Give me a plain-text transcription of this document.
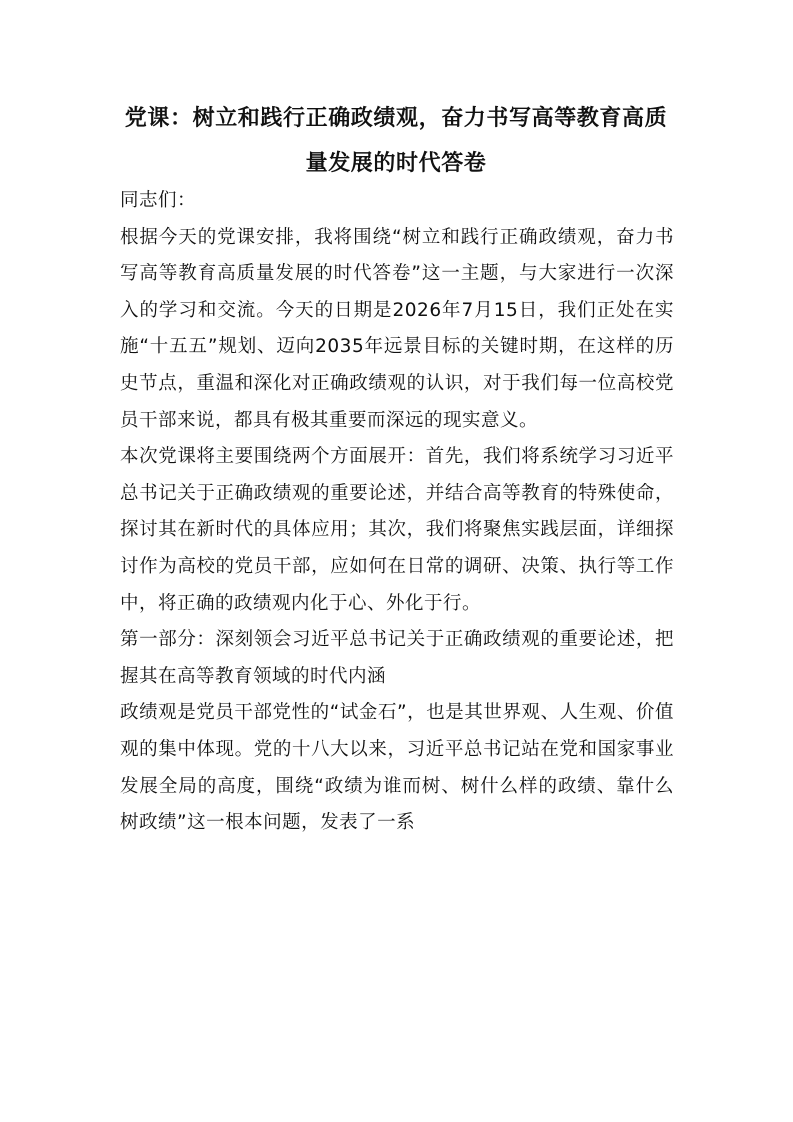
党课：树立和践行正确政绩观，奋力书写高等教育高质量发展的时代答卷

同志们：

根据今天的党课安排，我将围绕“树立和践行正确政绩观，奋力书写高等教育高质量发展的时代答卷”这一主题，与大家进行一次深入的学习和交流。今天的日期是2026年7月15日，我们正处在实施“十五五”规划、迈向2035年远景目标的关键时期，在这样的历史节点，重温和深化对正确政绩观的认识，对于我们每一位高校党员干部来说，都具有极其重要而深远的现实意义。

本次党课将主要围绕两个方面展开：首先，我们将系统学习习近平总书记关于正确政绩观的重要论述，并结合高等教育的特殊使命，探讨其在新时代的具体应用；其次，我们将聚焦实践层面，详细探讨作为高校的党员干部，应如何在日常的调研、决策、执行等工作中，将正确的政绩观内化于心、外化于行。

第一部分：深刻领会习近平总书记关于正确政绩观的重要论述，把握其在高等教育领域的时代内涵

政绩观是党员干部党性的“试金石”，也是其世界观、人生观、价值观的集中体现。党的十八大以来，习近平总书记站在党和国家事业发展全局的高度，围绕“政绩为谁而树、树什么样的政绩、靠什么树政绩”这一根本问题，发表了一系
